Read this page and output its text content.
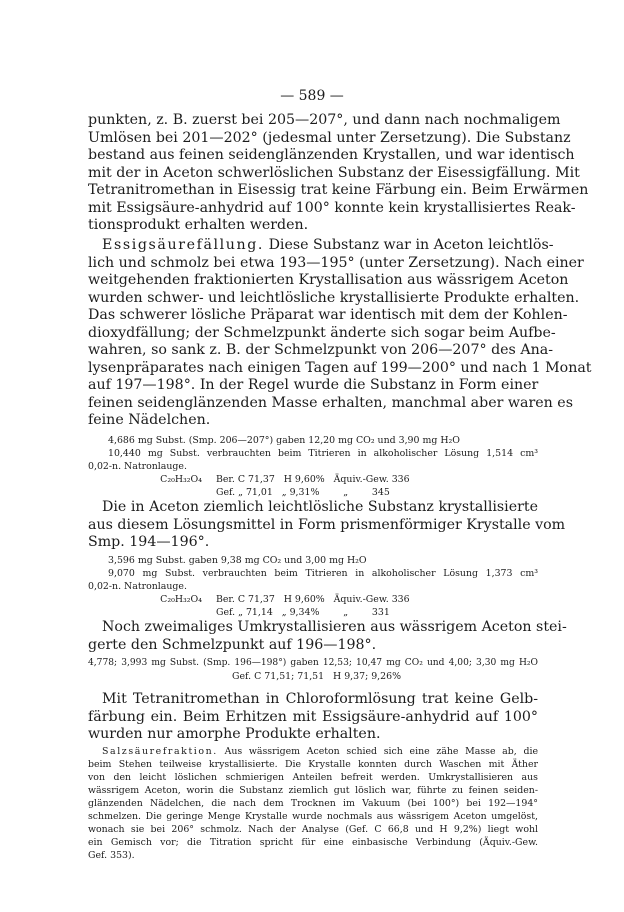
— 589 —
punkten, z. B. zuerst bei 205—207°, und dann nach nochmaligem
Umlösen bei 201—202° (jedesmal unter Zersetzung). Die Substanz
bestand aus feinen seidenglänzenden Krystallen, und war identisch
mit der in Aceton schwerlöslichen Substanz der Eisessigfällung. Mit
Tetranitromethan in Eisessig trat keine Färbung ein. Beim Erwärmen
mit Essigsäure-anhydrid auf 100° konnte kein krystallisiertes Reak-
tionsprodukt erhalten werden.
Essigsäurefällung. Diese Substanz war in Aceton leichtlös-
lich und schmolz bei etwa 193—195° (unter Zersetzung). Nach einer
weitgehenden fraktionierten Krystallisation aus wässrigem Aceton
wurden schwer- und leichtlösliche krystallisierte Produkte erhalten.
Das schwerer lösliche Präparat war identisch mit dem der Kohlen-
dioxydfällung; der Schmelzpunkt änderte sich sogar beim Aufbe-
wahren, so sank z. B. der Schmelzpunkt von 206—207° des Ana-
lysenpräparates nach einigen Tagen auf 199—200° und nach 1 Monat
auf 197—198°. In der Regel wurde die Substanz in Form einer
feinen seidenglänzenden Masse erhalten, manchmal aber waren es
feine Nädelchen.
4,686 mg Subst. (Smp. 206—207°) gaben 12,20 mg CO₂ und 3,90 mg H₂O
10,440 mg Subst. verbrauchten beim Titrieren in alkoholischer Lösung 1,514 cm³
0,02-n. Natronlauge.
C₂₀H₃₂O₄	Ber. C 71,37   H 9,60%   Äquiv.-Gew. 336
Gef. „ 71,01   „ 9,31%        „        345
Die in Aceton ziemlich leichtlösliche Substanz krystallisierte
aus diesem Lösungsmittel in Form prismenförmiger Krystalle vom
Smp. 194—196°.
3,596 mg Subst. gaben 9,38 mg CO₂ und 3,00 mg H₂O
9,070 mg Subst. verbrauchten beim Titrieren in alkoholischer Lösung 1,373 cm³
0,02-n. Natronlauge.
C₂₀H₃₂O₄	Ber. C 71,37   H 9,60%   Äquiv.-Gew. 336
Gef. „ 71,14   „ 9,34%        „        331
Noch zweimaliges Umkrystallisieren aus wässrigem Aceton stei-
gerte den Schmelzpunkt auf 196—198°.
4,778; 3,993 mg Subst. (Smp. 196—198°) gaben 12,53; 10,47 mg CO₂ und 4,00; 3,30 mg H₂O
Gef. C 71,51; 71,51   H 9,37; 9,26%
Mit Tetranitromethan in Chloroformlösung trat keine Gelb-
färbung ein. Beim Erhitzen mit Essigsäure-anhydrid auf 100°
wurden nur amorphe Produkte erhalten.
Salzsäurefraktion. Aus wässrigem Aceton schied sich eine zähe Masse ab, die
beim Stehen teilweise krystallisierte. Die Krystalle konnten durch Waschen mit Äther
von den leicht löslichen schmierigen Anteilen befreit werden. Umkrystallisieren aus
wässrigem Aceton, worin die Substanz ziemlich gut löslich war, führte zu feinen seiden-
glänzenden Nädelchen, die nach dem Trocknen im Vakuum (bei 100°) bei 192—194°
schmelzen. Die geringe Menge Krystalle wurde nochmals aus wässrigem Aceton umgelöst,
wonach sie bei 206° schmolz. Nach der Analyse (Gef. C 66,8 und H 9,2%) liegt wohl
ein Gemisch vor; die Titration spricht für eine einbasische Verbindung (Äquiv.-Gew.
Gef. 353).
